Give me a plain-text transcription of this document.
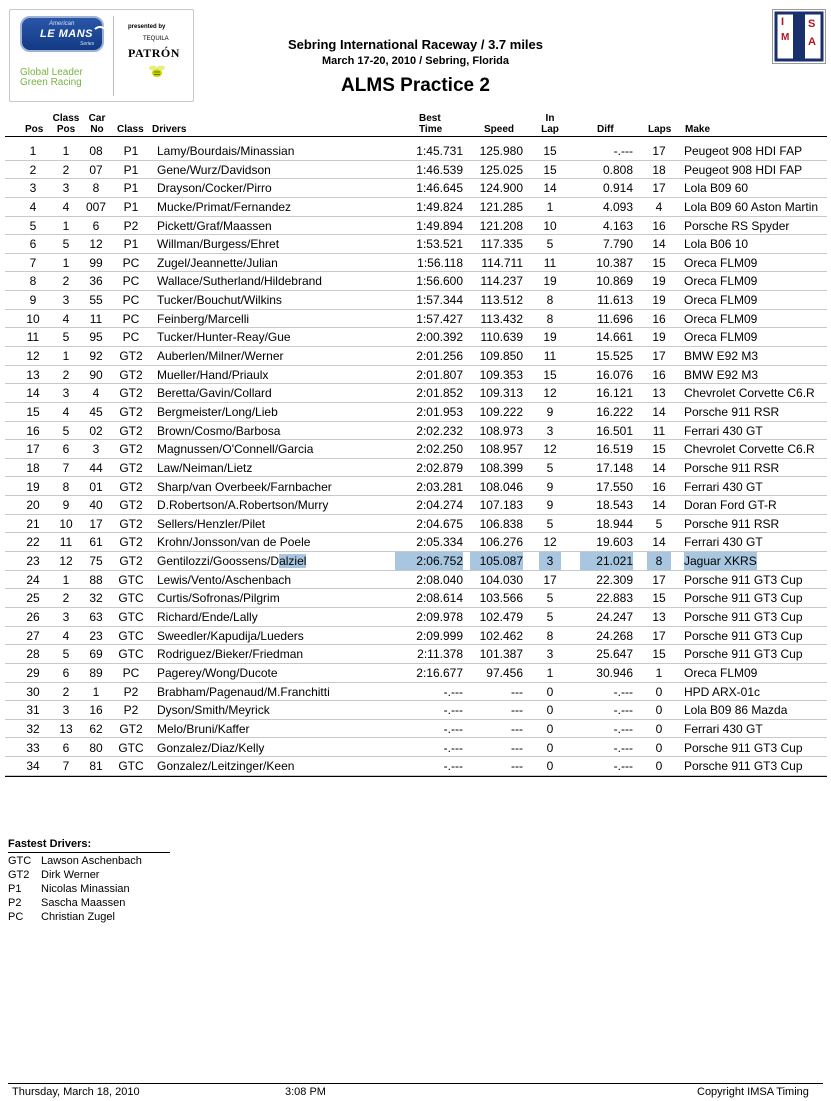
American
LE MANS
Series
Global Leader
Green Racing
presented by
TEQUILA
PATRÓN
I
M
S
A
Sebring International Raceway / 3.7 miles
March 17-20, 2010 / Sebring, Florida
ALMS Practice 2
Pos
Class
Pos
Car
No	Class Drivers
Best
Time	Speed
In
Lap	Diff	Laps Make
1	1	08	P1	Lamy/Bourdais/Minassian	1:45.731	125.980	15	-.---	17	Peugeot 908 HDI FAP
2	2	07	P1	Gene/Wurz/Davidson	1:46.539	125.025	15	0.808	18	Peugeot 908 HDI FAP
3	3	8	P1	Drayson/Cocker/Pirro	1:46.645	124.900	14	0.914	17	Lola B09 60
4	4	007	P1	Mucke/Primat/Fernandez	1:49.824	121.285	1	4.093	4	Lola B09 60 Aston Martin
5	1	6	P2	Pickett/Graf/Maassen	1:49.894	121.208	10	4.163	16	Porsche RS Spyder
6	5	12	P1	Willman/Burgess/Ehret	1:53.521	117.335	5	7.790	14	Lola B06 10
7	1	99	PC	Zugel/Jeannette/Julian	1:56.118	114.711	11	10.387	15	Oreca FLM09
8	2	36	PC	Wallace/Sutherland/Hildebrand	1:56.600	114.237	19	10.869	19	Oreca FLM09
9	3	55	PC	Tucker/Bouchut/Wilkins	1:57.344	113.512	8	11.613	19	Oreca FLM09
10	4	11	PC	Feinberg/Marcelli	1:57.427	113.432	8	11.696	16	Oreca FLM09
11	5	95	PC	Tucker/Hunter-Reay/Gue	2:00.392	110.639	19	14.661	19	Oreca FLM09
12	1	92	GT2	Auberlen/Milner/Werner	2:01.256	109.850	11	15.525	17	BMW E92 M3
13	2	90	GT2	Mueller/Hand/Priaulx	2:01.807	109.353	15	16.076	16	BMW E92 M3
14	3	4	GT2	Beretta/Gavin/Collard	2:01.852	109.313	12	16.121	13	Chevrolet Corvette C6.R
15	4	45	GT2	Bergmeister/Long/Lieb	2:01.953	109.222	9	16.222	14	Porsche 911 RSR
16	5	02	GT2	Brown/Cosmo/Barbosa	2:02.232	108.973	3	16.501	11	Ferrari 430 GT
17	6	3	GT2	Magnussen/O'Connell/Garcia	2:02.250	108.957	12	16.519	15	Chevrolet Corvette C6.R
18	7	44	GT2	Law/Neiman/Lietz	2:02.879	108.399	5	17.148	14	Porsche 911 RSR
19	8	01	GT2	Sharp/van Overbeek/Farnbacher	2:03.281	108.046	9	17.550	16	Ferrari 430 GT
20	9	40	GT2	D.Robertson/A.Robertson/Murry	2:04.274	107.183	9	18.543	14	Doran Ford GT-R
21	10	17	GT2	Sellers/Henzler/Pilet	2:04.675	106.838	5	18.944	5	Porsche 911 RSR
22	11	61	GT2	Krohn/Jonsson/van de Poele	2:05.334	106.276	12	19.603	14	Ferrari 430 GT
23	12	75	GT2	Gentilozzi/Goossens/Dalziel	2:06.752	105.087	3	21.021	8	Jaguar XKRS
24	1	88	GTC	Lewis/Vento/Aschenbach	2:08.040	104.030	17	22.309	17	Porsche 911 GT3 Cup
25	2	32	GTC	Curtis/Sofronas/Pilgrim	2:08.614	103.566	5	22.883	15	Porsche 911 GT3 Cup
26	3	63	GTC	Richard/Ende/Lally	2:09.978	102.479	5	24.247	13	Porsche 911 GT3 Cup
27	4	23	GTC	Sweedler/Kapudija/Lueders	2:09.999	102.462	8	24.268	17	Porsche 911 GT3 Cup
28	5	69	GTC	Rodriguez/Bieker/Friedman	2:11.378	101.387	3	25.647	15	Porsche 911 GT3 Cup
29	6	89	PC	Pagerey/Wong/Ducote	2:16.677	97.456	1	30.946	1	Oreca FLM09
30	2	1	P2	Brabham/Pagenaud/M.Franchitti	-.---	---	0	-.---	0	HPD ARX-01c
31	3	16	P2	Dyson/Smith/Meyrick	-.---	---	0	-.---	0	Lola B09 86 Mazda
32	13	62	GT2	Melo/Bruni/Kaffer	-.---	---	0	-.---	0	Ferrari 430 GT
33	6	80	GTC	Gonzalez/Diaz/Kelly	-.---	---	0	-.---	0	Porsche 911 GT3 Cup
34	7	81	GTC	Gonzalez/Leitzinger/Keen	-.---	---	0	-.---	0	Porsche 911 GT3 Cup
Fastest Drivers:
GTC Lawson Aschenbach
GT2 Dirk Werner
P1 Nicolas Minassian
P2 Sascha Maassen
PC Christian Zugel
Thursday, March 18, 2010	3:08 PM	Copyright IMSA Timing
